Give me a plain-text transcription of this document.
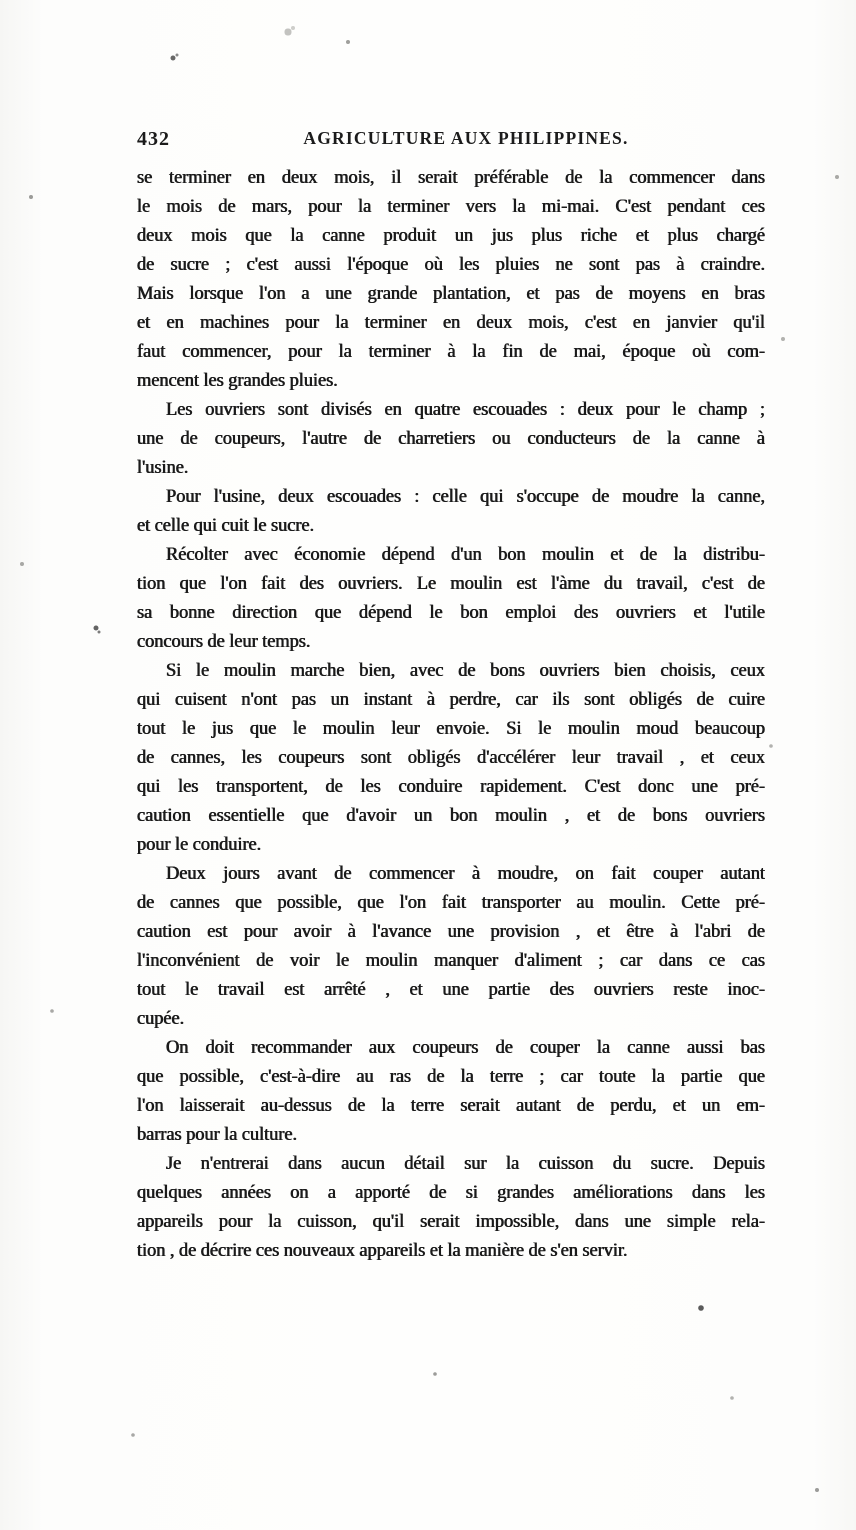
432	AGRICULTURE AUX PHILIPPINES.
se terminer en deux mois, il serait préférable de la commencer dans
le mois de mars, pour la terminer vers la mi-mai. C'est pendant ces
deux mois que la canne produit un jus plus riche et plus chargé
de sucre ; c'est aussi l'époque où les pluies ne sont pas à craindre.
Mais lorsque l'on a une grande plantation, et pas de moyens en bras
et en machines pour la terminer en deux mois, c'est en janvier qu'il
faut commencer, pour la terminer à la fin de mai, époque où com-
mencent les grandes pluies.
Les ouvriers sont divisés en quatre escouades : deux pour le champ ;
une de coupeurs, l'autre de charretiers ou conducteurs de la canne à
l'usine.
Pour l'usine, deux escouades : celle qui s'occupe de moudre la canne,
et celle qui cuit le sucre.
Récolter avec économie dépend d'un bon moulin et de la distribu-
tion que l'on fait des ouvriers. Le moulin est l'àme du travail, c'est de
sa bonne direction que dépend le bon emploi des ouvriers et l'utile
concours de leur temps.
Si le moulin marche bien, avec de bons ouvriers bien choisis, ceux
qui cuisent n'ont pas un instant à perdre, car ils sont obligés de cuire
tout le jus que le moulin leur envoie. Si le moulin moud beaucoup
de cannes, les coupeurs sont obligés d'accélérer leur travail , et ceux
qui les transportent, de les conduire rapidement. C'est donc une pré-
caution essentielle que d'avoir un bon moulin , et de bons ouvriers
pour le conduire.
Deux jours avant de commencer à moudre, on fait couper autant
de cannes que possible, que l'on fait transporter au moulin. Cette pré-
caution est pour avoir à l'avance une provision , et être à l'abri de
l'inconvénient de voir le moulin manquer d'aliment ; car dans ce cas
tout le travail est arrêté , et une partie des ouvriers reste inoc-
cupée.
On doit recommander aux coupeurs de couper la canne aussi bas
que possible, c'est-à-dire au ras de la terre ; car toute la partie que
l'on laisserait au-dessus de la terre serait autant de perdu, et un em-
barras pour la culture.
Je n'entrerai dans aucun détail sur la cuisson du sucre. Depuis
quelques années on a apporté de si grandes améliorations dans les
appareils pour la cuisson, qu'il serait impossible, dans une simple rela-
tion , de décrire ces nouveaux appareils et la manière de s'en servir.
